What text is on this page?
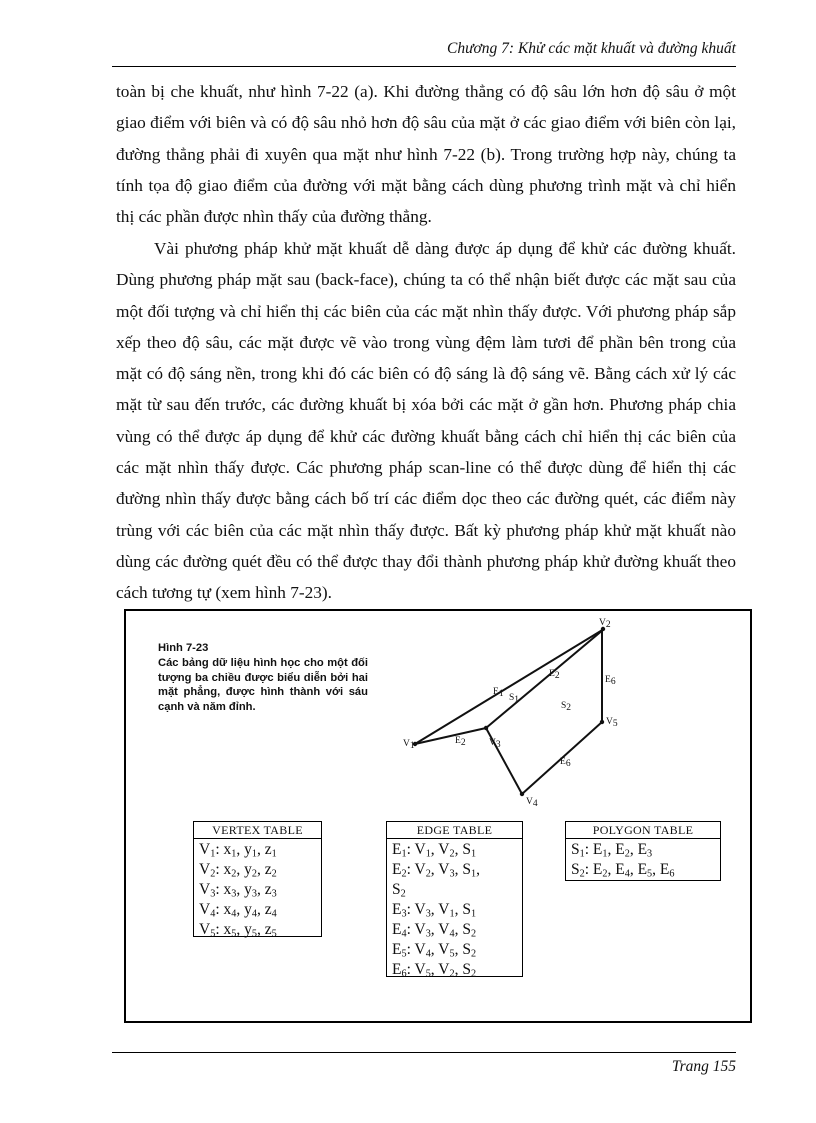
Chương 7: Khử các mặt khuất và đường khuất

toàn bị che khuất, như hình 7-22 (a). Khi đường thẳng có độ sâu lớn hơn độ sâu ở một giao điểm với biên và có độ sâu nhỏ hơn độ sâu của mặt ở các giao điểm với biên còn lại, đường thẳng phải đi xuyên qua mặt như hình 7-22 (b). Trong trường hợp này, chúng ta tính tọa độ giao điểm của đường với mặt bằng cách dùng phương trình mặt và chỉ hiển thị các phần được nhìn thấy của đường thẳng.

Vài phương pháp khử mặt khuất dễ dàng được áp dụng để khử các đường khuất. Dùng phương pháp mặt sau (back-face), chúng ta có thể nhận biết được các mặt sau của một đối tượng và chỉ hiển thị các biên của các mặt nhìn thấy được. Với phương pháp sắp xếp theo độ sâu, các mặt được vẽ vào trong vùng đệm làm tươi để phần bên trong của mặt có độ sáng nền, trong khi đó các biên có độ sáng là độ sáng vẽ. Bằng cách xử lý các mặt từ sau đến trước, các đường khuất bị xóa bởi các mặt ở gần hơn. Phương pháp chia vùng có thể được áp dụng để khử các đường khuất bằng cách chỉ hiển thị các biên của các mặt nhìn thấy được. Các phương pháp scan-line có thể được dùng để hiển thị các đường nhìn thấy được bằng cách bố trí các điểm dọc theo các đường quét, các điểm này trùng với các biên của các mặt nhìn thấy được. Bất kỳ phương pháp khử mặt khuất nào dùng các đường quét đều có thể được thay đổi thành phương pháp khử đường khuất theo cách tương tự (xem hình 7-23).

Hình 7-23
Các bảng dữ liệu hình học cho một đối tượng ba chiều được biểu diễn bởi hai mặt phẳng, được hình thành với sáu cạnh và năm đỉnh.
V1
V2
V3
V4
V5
E1 S1
E2
S2
E2
E6
E6
VERTEX TABLE
$V_1$: $x_1$, $y_1$, $z_1$
$V_2$: $x_2$, $y_2$, $z_2$
$V_3$: $x_3$, $y_3$, $z_3$
$V_4$: $x_4$, $y_4$, $z_4$
$V_5$: $x_5$, $y_5$, $z_5$
EDGE TABLE
$E_1$: $V_1$, $V_2$, $S_1$
$E_2$: $V_2$, $V_3$, $S_1$,
$S_2$
$E_3$: $V_3$, $V_1$, $S_1$
$E_4$: $V_3$, $V_4$, $S_2$
$E_5$: $V_4$, $V_5$, $S_2$
$E_6$: $V_5$, $V_2$, $S_2$
POLYGON TABLE
$S_1$: $E_1$, $E_2$, $E_3$
$S_2$: $E_2$, $E_4$, $E_5$, $E_6$
Trang 155
